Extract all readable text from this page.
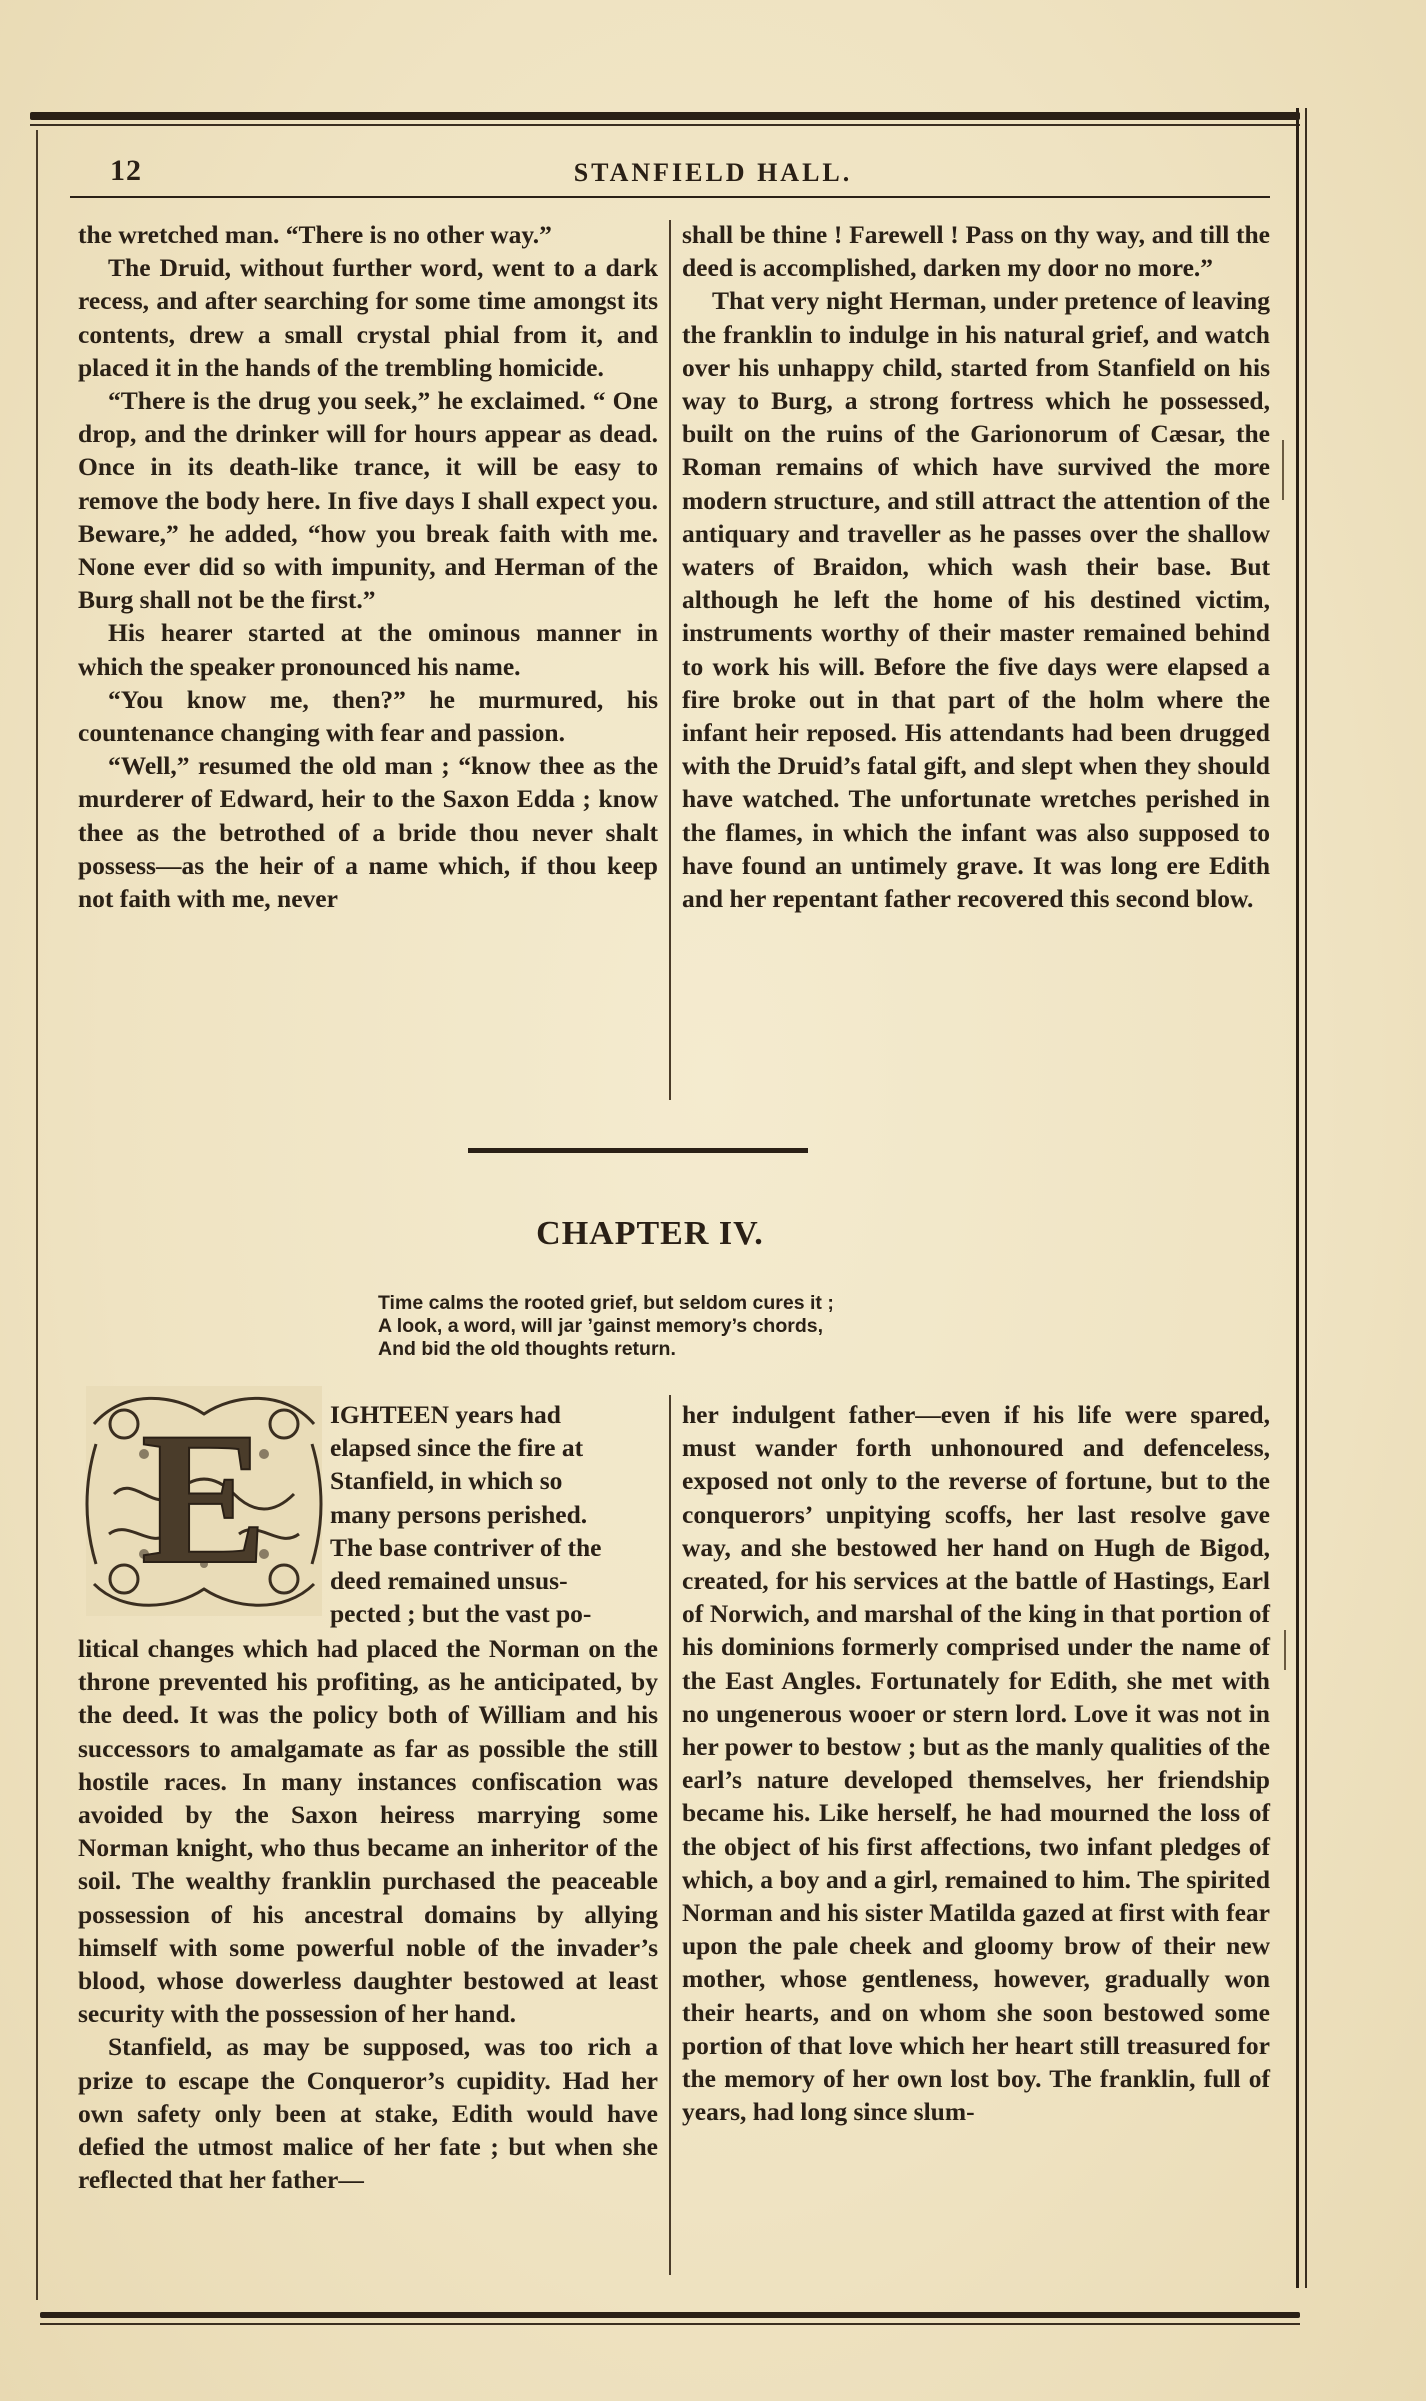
12	STANFIELD HALL.

the wretched man. “There is no other way.”

The Druid, without further word, went to a dark recess, and after searching for some time amongst its contents, drew a small crystal phial from it, and placed it in the hands of the trembling homicide.

“There is the drug you seek,” he exclaimed. “ One drop, and the drinker will for hours appear as dead. Once in its death-like trance, it will be easy to remove the body here. In five days I shall expect you. Beware,” he added, “how you break faith with me. None ever did so with impunity, and Herman of the Burg shall not be the first.”

His hearer started at the ominous manner in which the speaker pronounced his name.

“You know me, then?” he murmured, his countenance changing with fear and passion.

“Well,” resumed the old man ; “know thee as the murderer of Edward, heir to the Saxon Edda ; know thee as the betrothed of a bride thou never shalt possess—as the heir of a name which, if thou keep not faith with me, never

shall be thine ! Farewell ! Pass on thy way, and till the deed is accomplished, darken my door no more.”

That very night Herman, under pretence of leaving the franklin to indulge in his natural grief, and watch over his unhappy child, started from Stanfield on his way to Burg, a strong fortress which he possessed, built on the ruins of the Garionorum of Cæsar, the Roman remains of which have survived the more modern structure, and still attract the attention of the antiquary and traveller as he passes over the shallow waters of Braidon, which wash their base. But although he left the home of his destined victim, instruments worthy of their master remained behind to work his will. Before the five days were elapsed a fire broke out in that part of the holm where the infant heir reposed. His attendants had been drugged with the Druid’s fatal gift, and slept when they should have watched. The unfortunate wretches perished in the flames, in which the infant was also supposed to have found an untimely grave. It was long ere Edith and her repentant father recovered this second blow.

CHAPTER IV.
Time calms the rooted grief, but seldom cures it ;
A look, a word, will jar ’gainst memory’s chords,
And bid the old thoughts return.
E IGHTEEN years had
elapsed since the fire at
Stanfield, in which so
many persons perished.
The base contriver of the
deed remained unsus-
pected ; but the vast po-

litical changes which had placed the Norman on the throne prevented his profiting, as he anticipated, by the deed. It was the policy both of William and his successors to amalgamate as far as possible the still hostile races. In many instances confiscation was avoided by the Saxon heiress marrying some Norman knight, who thus became an inheritor of the soil. The wealthy franklin purchased the peaceable possession of his ancestral domains by allying himself with some powerful noble of the invader’s blood, whose dowerless daughter bestowed at least security with the possession of her hand.

Stanfield, as may be supposed, was too rich a prize to escape the Conqueror’s cupidity. Had her own safety only been at stake, Edith would have defied the utmost malice of her fate ; but when she reflected that her father—

her indulgent father—even if his life were spared, must wander forth unhonoured and defenceless, exposed not only to the reverse of fortune, but to the conquerors’ unpitying scoffs, her last resolve gave way, and she bestowed her hand on Hugh de Bigod, created, for his services at the battle of Hastings, Earl of Norwich, and marshal of the king in that portion of his dominions formerly comprised under the name of the East Angles. Fortunately for Edith, she met with no ungenerous wooer or stern lord. Love it was not in her power to bestow ; but as the manly qualities of the earl’s nature developed themselves, her friendship became his. Like herself, he had mourned the loss of the object of his first affections, two infant pledges of which, a boy and a girl, remained to him. The spirited Norman and his sister Matilda gazed at first with fear upon the pale cheek and gloomy brow of their new mother, whose gentleness, however, gradually won their hearts, and on whom she soon bestowed some portion of that love which her heart still treasured for the memory of her own lost boy. The franklin, full of years, had long since slum-
